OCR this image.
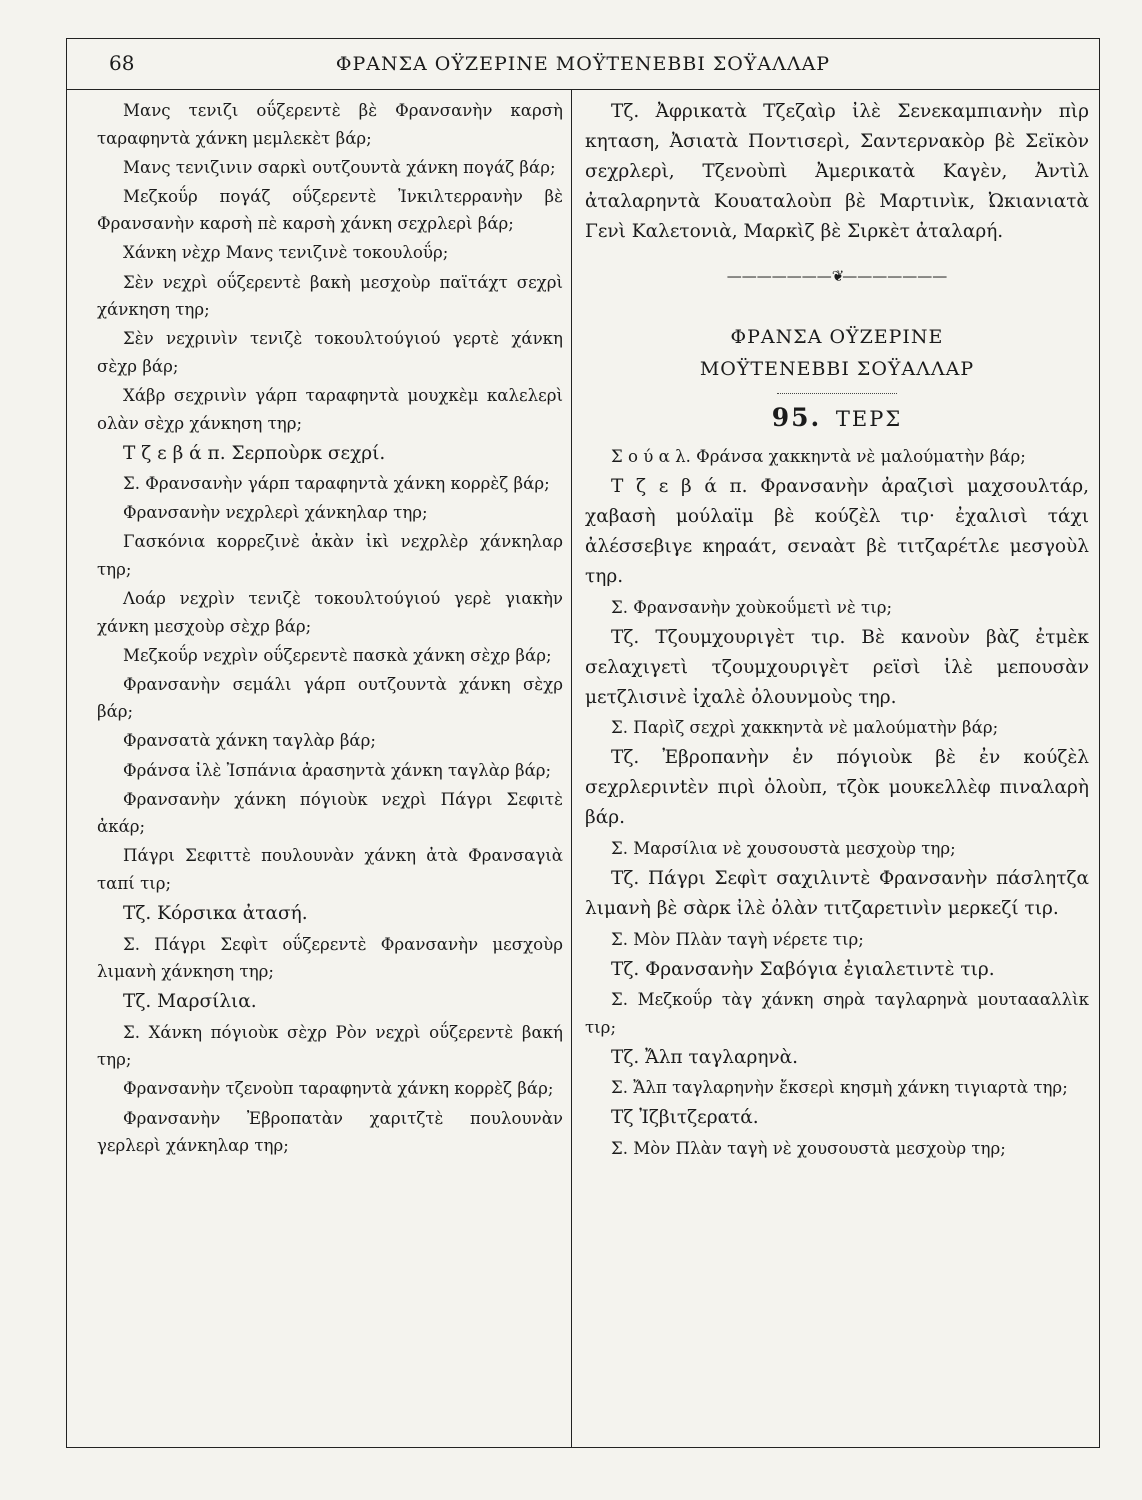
68	ΦΡΑΝΣΑ ΟΫΖΕΡΙΝΕ ΜΟΫΤΕΝΕΒΒΙ ΣΟΫΑΛΛΑΡ

Μανς τενιζι οΰζερεντὲ βὲ Φρανσανὴν καρσὴ ταραφηντὰ χάνκη μεμλεκὲτ βάρ;

Μανς τενιζινιν σαρκὶ ουτζουντὰ χάνκη πογάζ βάρ;

Μεζκοΰρ πογάζ οΰζερεντὲ Ἰνκιλτερρανὴν βὲ Φρανσανὴν καρσὴ πὲ καρσὴ χάνκη σεχρλερὶ βάρ;

Χάνκη νὲχρ Μανς τενιζινὲ τοκουλοΰρ;

Σὲν νεχρὶ οΰζερεντὲ βακὴ μεσχοὺρ παϊτάχτ σεχρὶ χάνκηση τηρ;

Σὲν νεχρινὶν τενιζὲ τοκουλτούγιού γερτὲ χάνκη σὲχρ βάρ;

Χάβρ σεχρινὶν γάρπ ταραφηντὰ μουχκὲμ καλελερὶ ολὰν σὲχρ χάνκηση τηρ;

Τ ζ ε β ά π. Σερποὺρκ σεχρί.

Σ. Φρανσανὴν γάρπ ταραφηντὰ χάνκη κορρὲζ βάρ;

Φρανσανὴν νεχρλερὶ χάνκηλαρ τηρ;

Γασκόνια κορρεζινὲ ἀκὰν ἰκὶ νεχρλὲρ χάνκηλαρ τηρ;

Λοάρ νεχρὶν τενιζὲ τοκουλτούγιού γερὲ γιακὴν χάνκη μεσχοὺρ σὲχρ βάρ;

Μεζκοΰρ νεχρὶν οΰζερεντὲ πασκὰ χάνκη σὲχρ βάρ;

Φρανσανὴν σεμάλι γάρπ ουτζουντὰ χάνκη σὲχρ βάρ;

Φρανσατὰ χάνκη ταγλὰρ βάρ;

Φράνσα ἰλὲ Ἰσπάνια ἀρασηντὰ χάνκη ταγλὰρ βάρ;

Φρανσανὴν χάνκη πόγιοὺκ νεχρὶ Πάγρι Σεφιτὲ ἀκάρ;

Πάγρι Σεφιττὲ πουλουνὰν χάνκη ἀτὰ Φρανσαγιὰ ταπί τιρ;

Τζ. Κόρσικα ἀτασή.

Σ. Πάγρι Σεφὶτ οΰζερεντὲ Φρανσανὴν μεσχοὺρ λιμανὴ χάνκηση τηρ;

Τζ. Μαρσίλια.

Σ. Χάνκη πόγιοὺκ σὲχρ Ρὸν νεχρὶ οΰζερεντὲ βακή τηρ;

Φρανσανὴν τζενοὺπ ταραφηντὰ χάνκη κορρὲζ βάρ;

Φρανσανὴν Ἐβροπατὰν χαριτζτὲ πουλουνὰν γερλερὶ χάνκηλαρ τηρ;

Τζ. Ἀφρικατὰ Τζεζαὶρ ἰλὲ Σενεκαμπιανὴν πὶρ κηταση, Ἀσιατὰ Ποντισερὶ, Σαντερνακὸρ βὲ Σεϊκὸν σεχρλερὶ, Τζενοὺπὶ Ἀμερικατὰ Καγὲν, Ἀντὶλ ἀταλαρηντὰ Κουαταλοὺπ βὲ Μαρτινὶκ, Ὠκιανιατὰ Γενὶ Καλετονιὰ, Μαρκὶζ βὲ Σιρκὲτ ἀταλαρή.

———————❦———————
ΦΡΑΝΣΑ ΟΫΖΕΡΙΝΕ
ΜΟΫΤΕΝΕΒΒΙ ΣΟΫΑΛΛΑΡ
95. ΤΕΡΣ

Σ ο ύ α λ. Φράνσα χακκηντὰ νὲ μαλούματὴν βάρ;

Τ ζ ε β ά π. Φρανσανὴν ἀραζισὶ μαχσουλτάρ, χαβασὴ μούλαϊμ βὲ κούζὲλ τιρ· ἐχαλισὶ τάχι ἀλέσσεβιγε κηραάτ, σεναὰτ βὲ τιτζαρέτλε μεσγοὺλ τηρ.

Σ. Φρανσανὴν χοὺκοΰμετὶ νὲ τιρ;

Τζ. Τζουμχουριγὲτ τιρ. Βὲ κανοὺν βὰζ ἐτμὲκ σελαχιγετὶ τζουμχουριγὲτ ρεϊσὶ ἰλὲ μεπουσὰν μετζλισινὲ ἰχαλὲ ὀλουνμοὺς τηρ.

Σ. Παρὶζ σεχρὶ χακκηντὰ νὲ μαλούματὴν βάρ;

Τζ. Ἐβροπανὴν ἐν πόγιοὺκ βὲ ἐν κούζὲλ σεχρλερινtὲν πιρὶ ὀλοὺπ, τζὸκ μουκελλὲφ πιναλαρὴ βάρ.

Σ. Μαρσίλια νὲ χουσουστὰ μεσχοὺρ τηρ;

Τζ. Πάγρι Σεφὶτ σαχιλιντὲ Φρανσανὴν πάσλητζα λιμανὴ βὲ σὰρκ ἰλὲ ὀλὰν τιτζαρετινὶν μερκεζί τιρ.

Σ. Μὸν Πλὰν ταγὴ νέρετε τιρ;

Τζ. Φρανσανὴν Σαβόγια ἐγιαλετιντὲ τιρ.

Σ. Μεζκοΰρ τὰγ χάνκη σηρὰ ταγλαρηνὰ μουταααλλὶκ τιρ;

Τζ. Ἄλπ ταγλαρηνὰ.

Σ. Ἄλπ ταγλαρηνὴν ἔκσερὶ κησμὴ χάνκη τιγιαρτὰ τηρ;

Τζ Ἰζβιτζερατά.

Σ. Μὸν Πλὰν ταγὴ νὲ χουσουστὰ μεσχοὺρ τηρ;
